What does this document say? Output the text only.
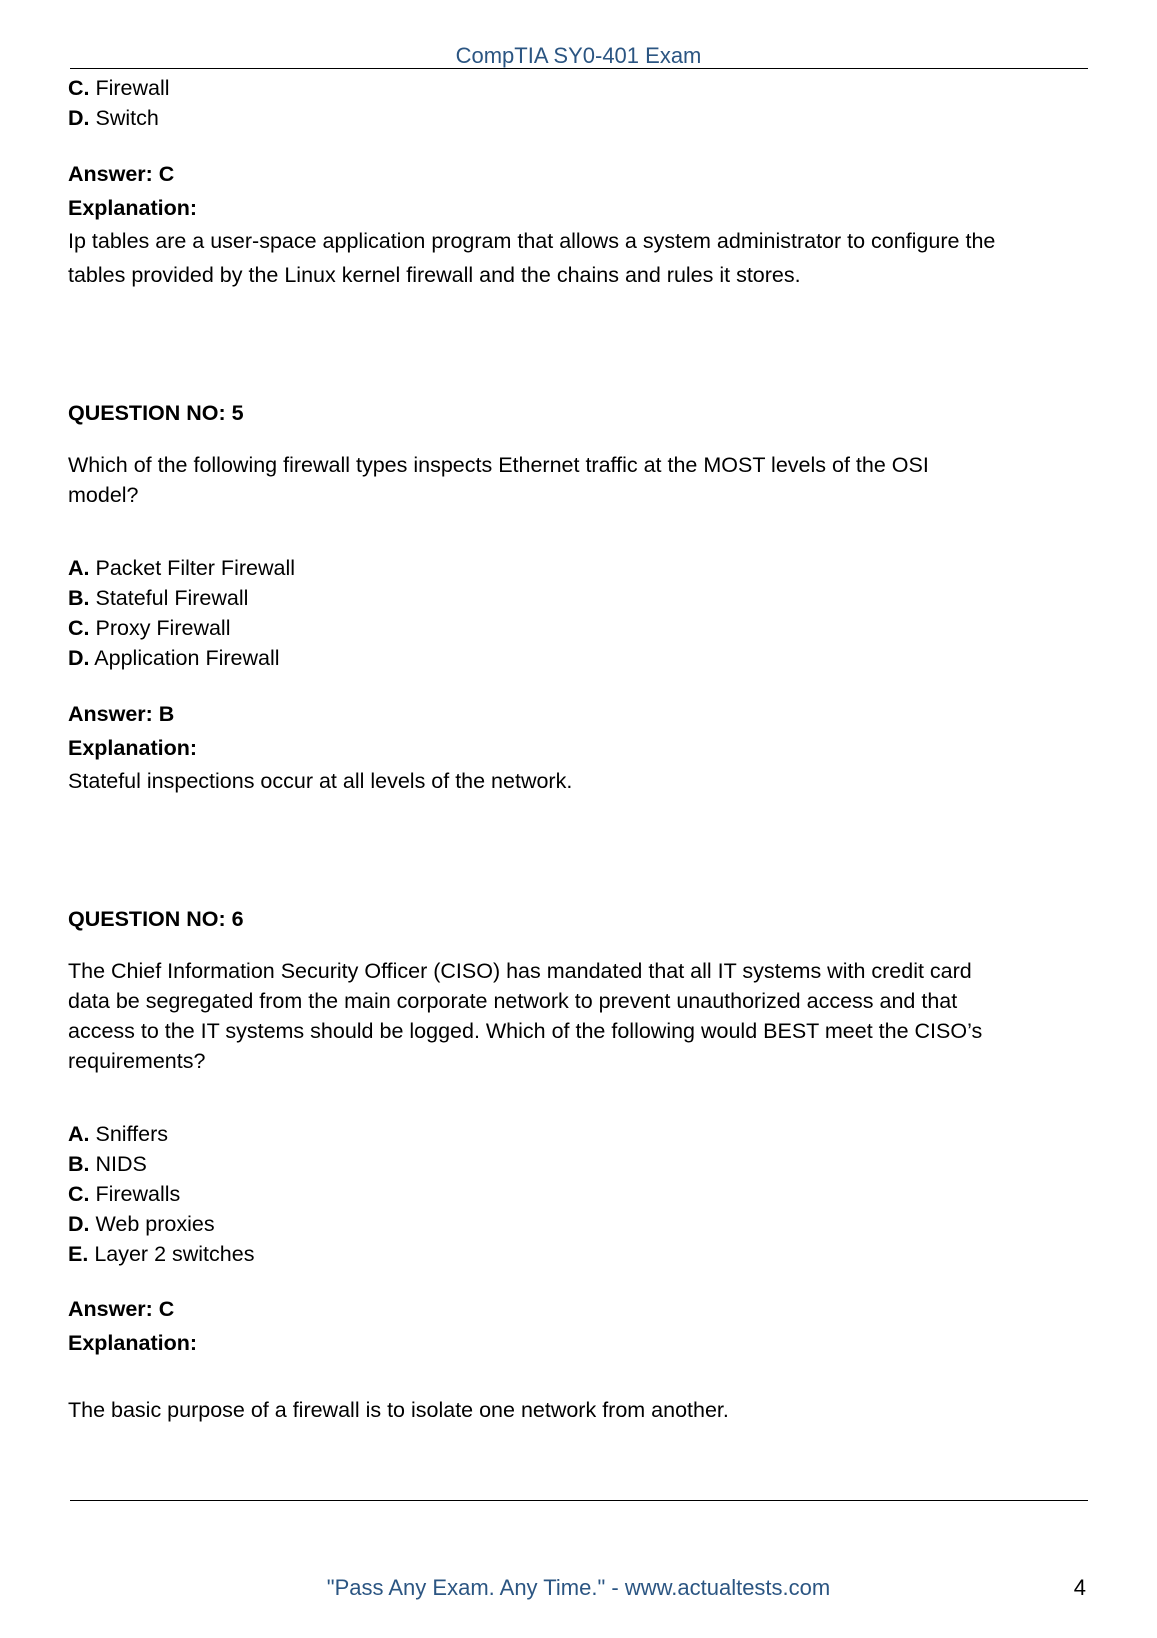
CompTIA SY0-401 Exam
C. Firewall
D. Switch
Answer: C
Explanation:
Ip tables are a user-space application program that allows a system administrator to configure the
tables provided by the Linux kernel firewall and the chains and rules it stores.
QUESTION NO: 5
Which of the following firewall types inspects Ethernet traffic at the MOST levels of the OSI
model?
A. Packet Filter Firewall
B. Stateful Firewall
C. Proxy Firewall
D. Application Firewall
Answer: B
Explanation:
Stateful inspections occur at all levels of the network.
QUESTION NO: 6
The Chief Information Security Officer (CISO) has mandated that all IT systems with credit card
data be segregated from the main corporate network to prevent unauthorized access and that
access to the IT systems should be logged. Which of the following would BEST meet the CISO’s
requirements?
A. Sniffers
B. NIDS
C. Firewalls
D. Web proxies
E. Layer 2 switches
Answer: C
Explanation:
The basic purpose of a firewall is to isolate one network from another.
"Pass Any Exam. Any Time." - www.actualtests.com	4
